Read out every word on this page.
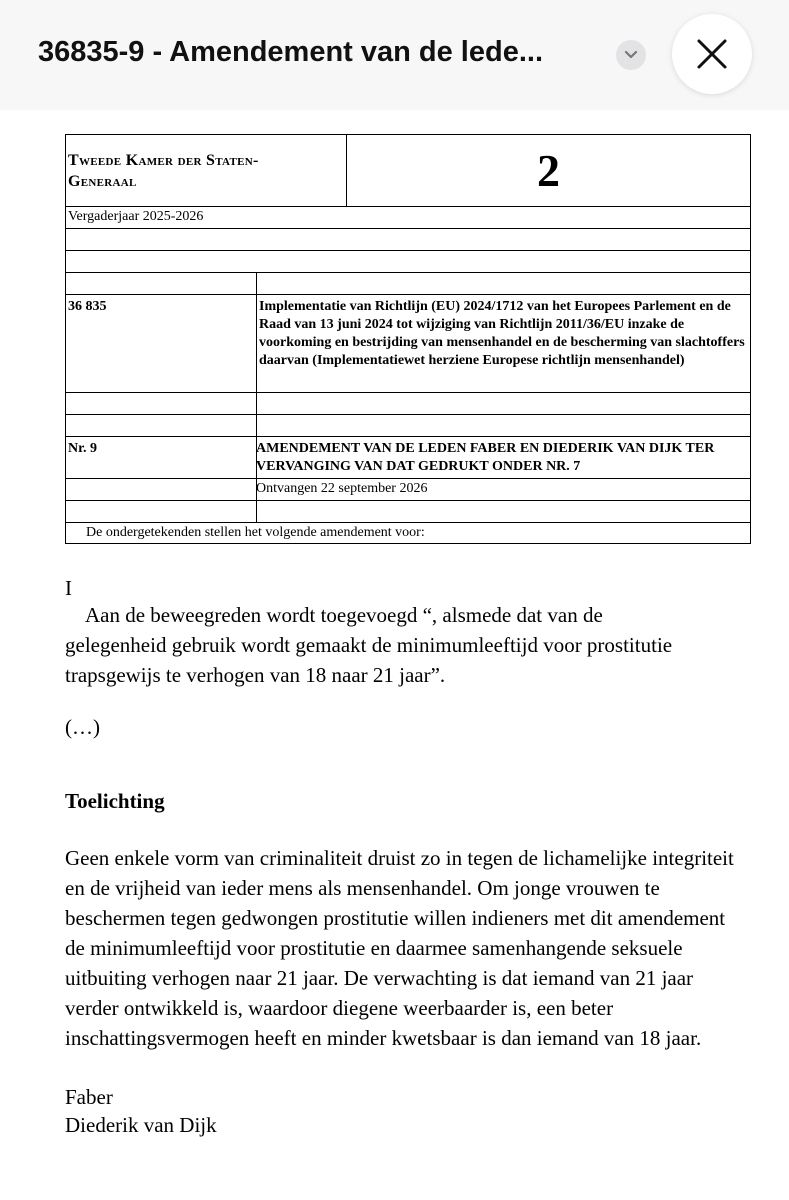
36835-9 - Amendement van de lede...
Tweede Kamer der Staten-
Generaal	2
Vergaderjaar 2025-2026
36 835	Implementatie van Richtlijn (EU) 2024/1712 van het Europees Parlement en de Raad van 13 juni 2024 tot wijziging van Richtlijn 2011/36/EU inzake de voorkoming en bestrijding van mensenhandel en de bescherming van slachtoffers daarvan (Implementatiewet herziene Europese richtlijn mensenhandel)
Nr. 9	AMENDEMENT VAN DE LEDEN FABER EN DIEDERIK VAN DIJK TER VERVANGING VAN DAT GEDRUKT ONDER NR. 7
Ontvangen 22 september 2026
De ondergetekenden stellen het volgende amendement voor:
I
Aan de beweegreden wordt toegevoegd “, alsmede dat van de gelegenheid gebruik wordt gemaakt de minimumleeftijd voor prostitutie trapsgewijs te verhogen van 18 naar 21 jaar”.
(…)
Toelichting
Geen enkele vorm van criminaliteit druist zo in tegen de lichamelijke integriteit en de vrijheid van ieder mens als mensenhandel. Om jonge vrouwen te beschermen tegen gedwongen prostitutie willen indieners met dit amendement de minimumleeftijd voor prostitutie en daarmee samenhangende seksuele uitbuiting verhogen naar 21 jaar. De verwachting is dat iemand van 21 jaar verder ontwikkeld is, waardoor diegene weerbaarder is, een beter inschattingsvermogen heeft en minder kwetsbaar is dan iemand van 18 jaar.
Faber
Diederik van Dijk
